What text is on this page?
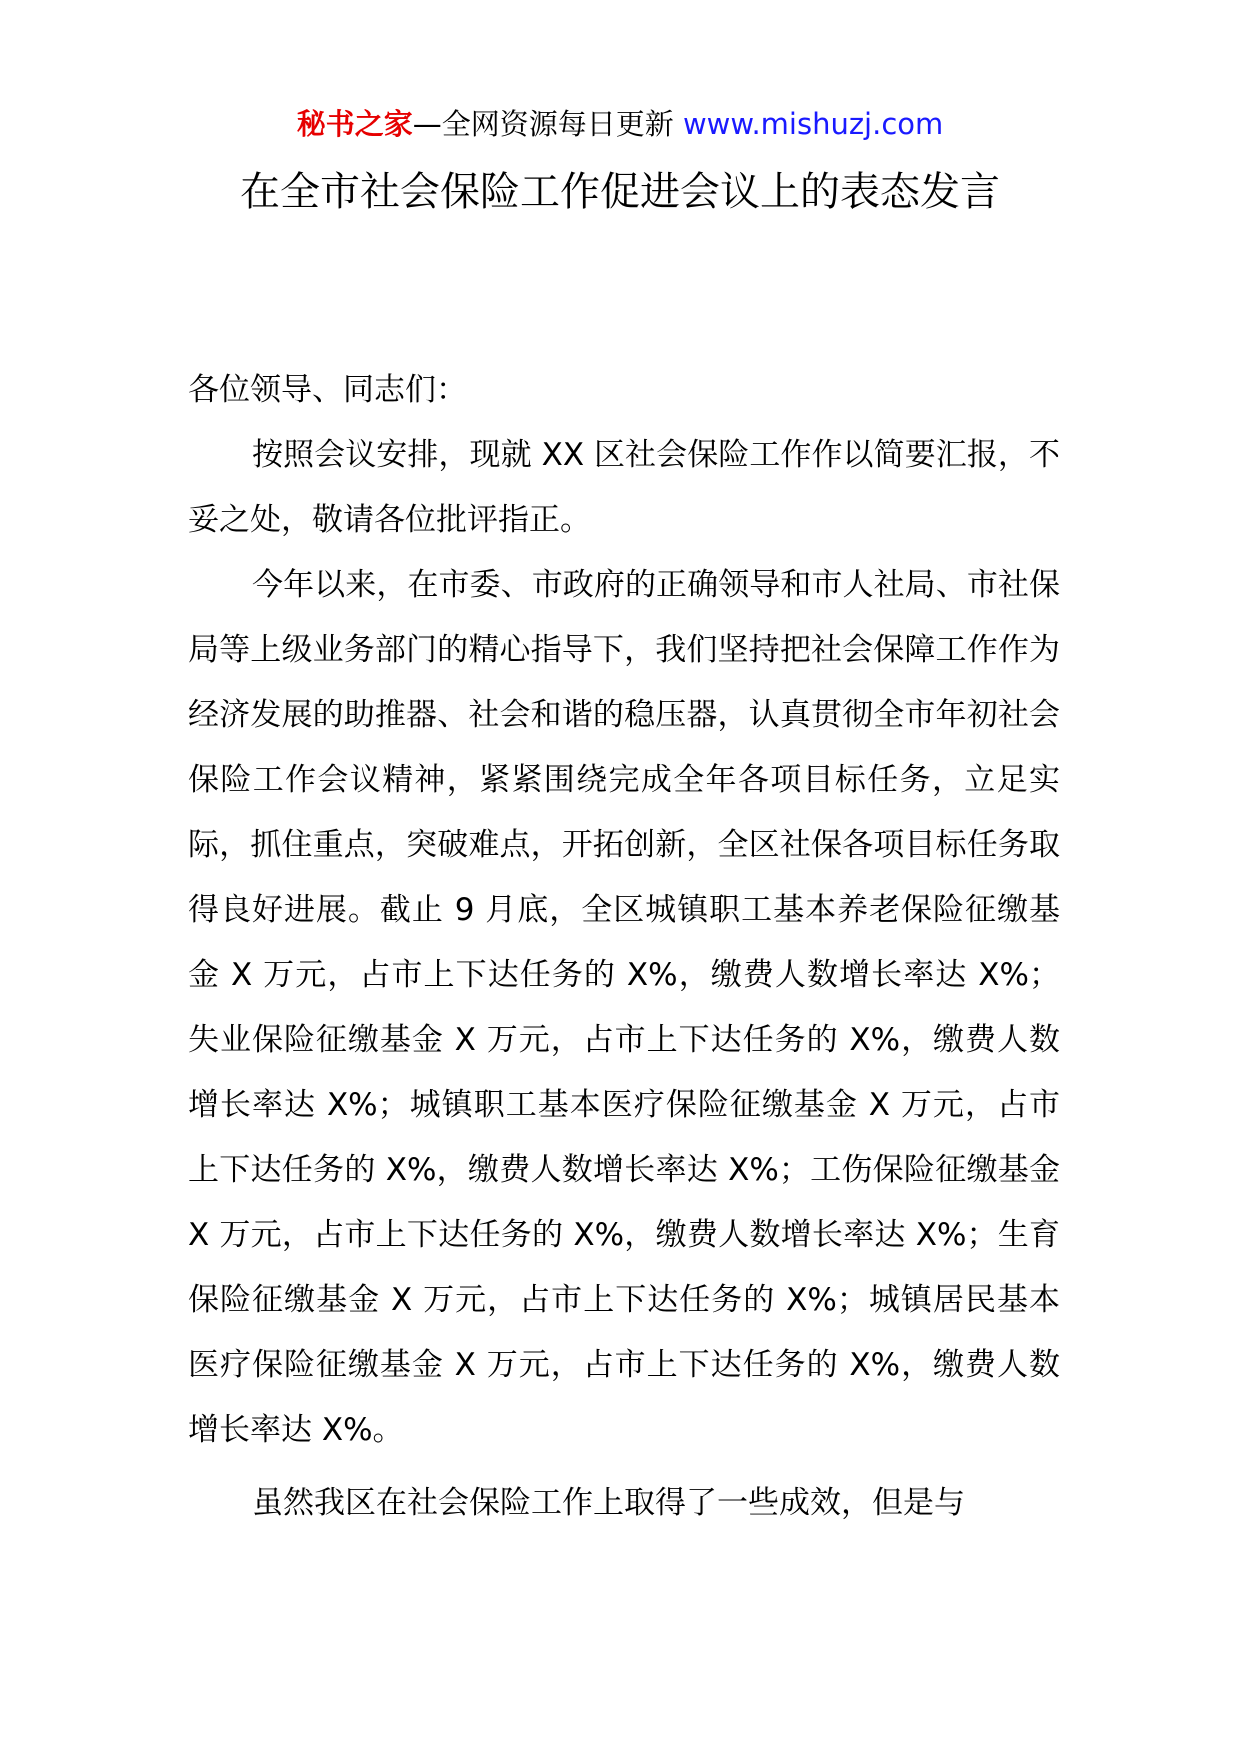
秘书之家—全网资源每日更新 www.mishuzj.com
在全市社会保险工作促进会议上的表态发言

各位领导、同志们：

按照会议安排，现就 XX 区社会保险工作作以简要汇报，不妥之处，敬请各位批评指正。

今年以来，在市委、市政府的正确领导和市人社局、市社保局等上级业务部门的精心指导下，我们坚持把社会保障工作作为经济发展的助推器、社会和谐的稳压器，认真贯彻全市年初社会保险工作会议精神，紧紧围绕完成全年各项目标任务，立足实际，抓住重点，突破难点，开拓创新，全区社保各项目标任务取得良好进展。截止 9 月底，全区城镇职工基本养老保险征缴基金 X 万元，占市上下达任务的 X%，缴费人数增长率达 X%；失业保险征缴基金 X 万元，占市上下达任务的 X%，缴费人数增长率达 X%；城镇职工基本医疗保险征缴基金 X 万元，占市上下达任务的 X%，缴费人数增长率达 X%；工伤保险征缴基金 X 万元，占市上下达任务的 X%，缴费人数增长率达 X%；生育保险征缴基金 X 万元，占市上下达任务的 X%；城镇居民基本医疗保险征缴基金 X 万元，占市上下达任务的 X%，缴费人数增长率达 X%。

虽然我区在社会保险工作上取得了一些成效，但是与
